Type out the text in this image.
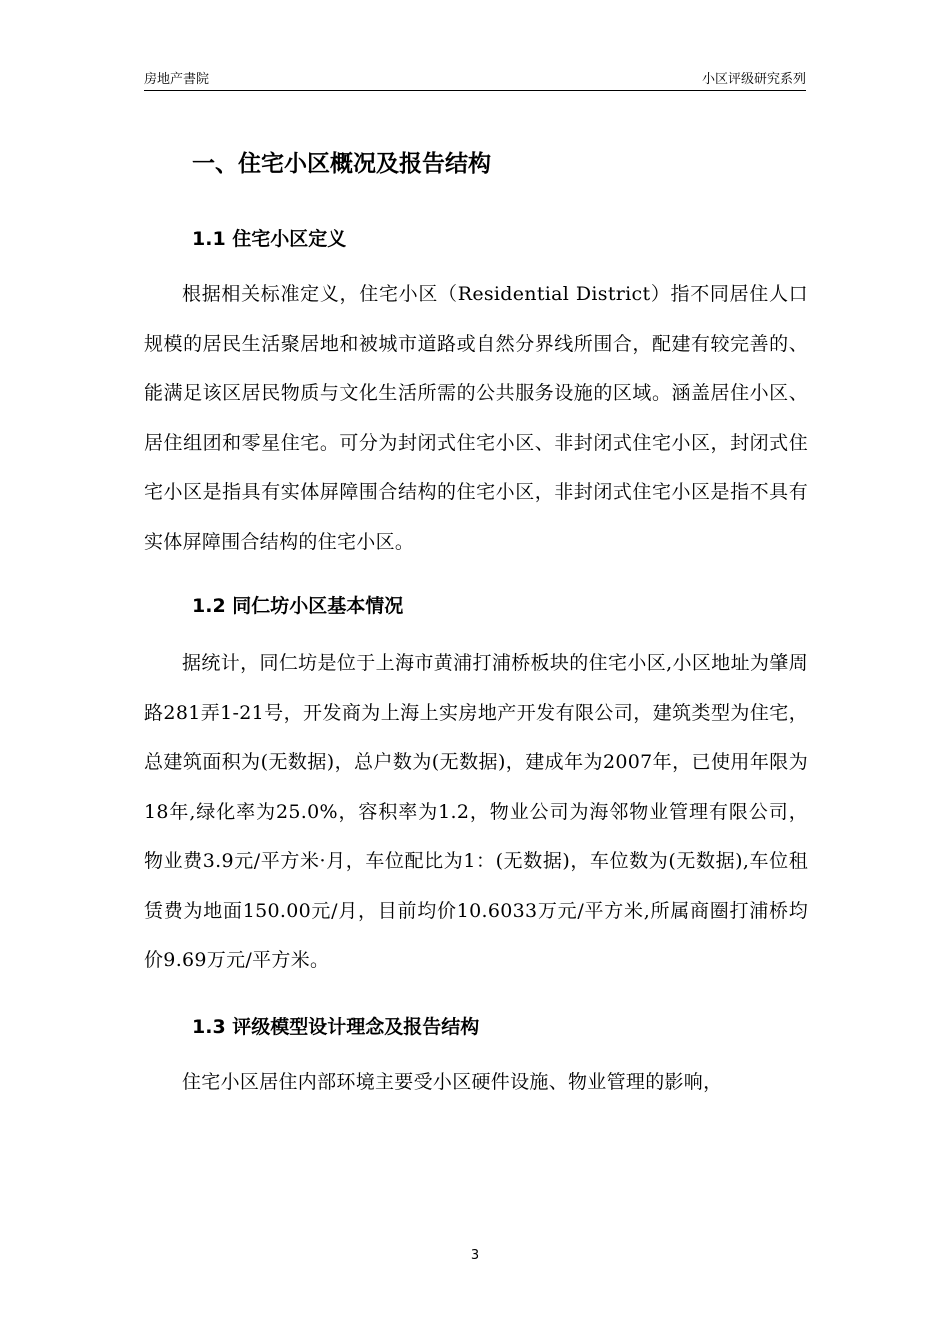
房地产書院	小区评级研究系列
一、住宅小区概况及报告结构
1.1 住宅小区定义

根据相关标准定义，住宅小区（Residential District）指不同居住人口规模的居民生活聚居地和被城市道路或自然分界线所围合，配建有较完善的、能满足该区居民物质与文化生活所需的公共服务设施的区域。涵盖居住小区、居住组团和零星住宅。可分为封闭式住宅小区、非封闭式住宅小区，封闭式住宅小区是指具有实体屏障围合结构的住宅小区，非封闭式住宅小区是指不具有实体屏障围合结构的住宅小区。

1.2 同仁坊小区基本情况

据统计，同仁坊是位于上海市黄浦打浦桥板块的住宅小区,小区地址为肇周路281弄1-21号，开发商为上海上实房地产开发有限公司，建筑类型为住宅，总建筑面积为(无数据)，总户数为(无数据)，建成年为2007年，已使用年限为18年,绿化率为25.0%，容积率为1.2，物业公司为海邻物业管理有限公司，物业费3.9元/平方米·月，车位配比为1：(无数据)，车位数为(无数据),车位租赁费为地面150.00元/月，目前均价10.6033万元/平方米,所属商圈打浦桥均价9.69万元/平方米。

1.3 评级模型设计理念及报告结构

住宅小区居住内部环境主要受小区硬件设施、物业管理的影响，

3
